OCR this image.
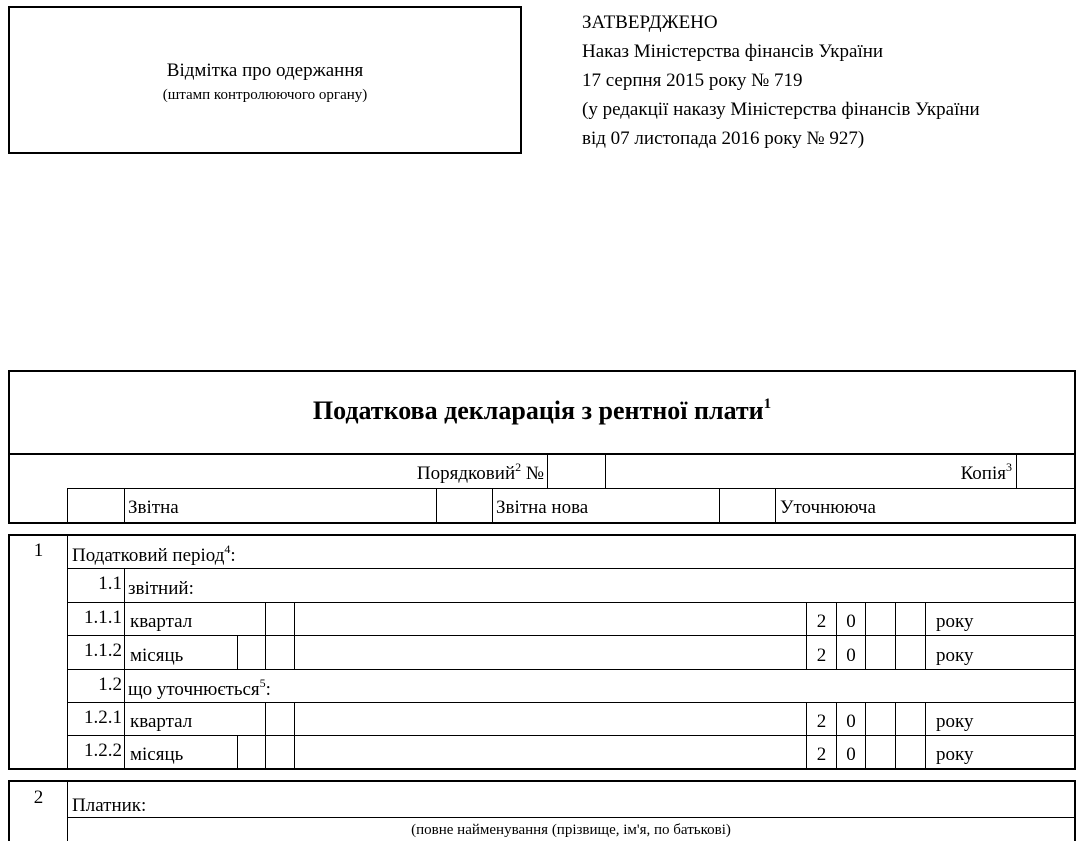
Відмітка про одержання
(штамп контролюючого органу)
ЗАТВЕРДЖЕНО
Наказ Міністерства фінансів України
17 серпня 2015 року № 719
(у редакції наказу Міністерства фінансів України
від 07 листопада 2016 року № 927)
Податкова декларація з рентної плати$^1$
Порядковий$^2$ №	Копія$^3$
Звітна	Звітна нова	Уточнююча
1	Податковий період$^4$:
1.1 звітний:
1.1.1 квартал	2	0	року
1.1.2 місяць	2	0	року
1.2 що уточнюється$^5$:
1.2.1 квартал	2	0	року
1.2.2 місяць	2	0	року
2	Платник:
(повне найменування (прізвище, ім'я, по батькові)
